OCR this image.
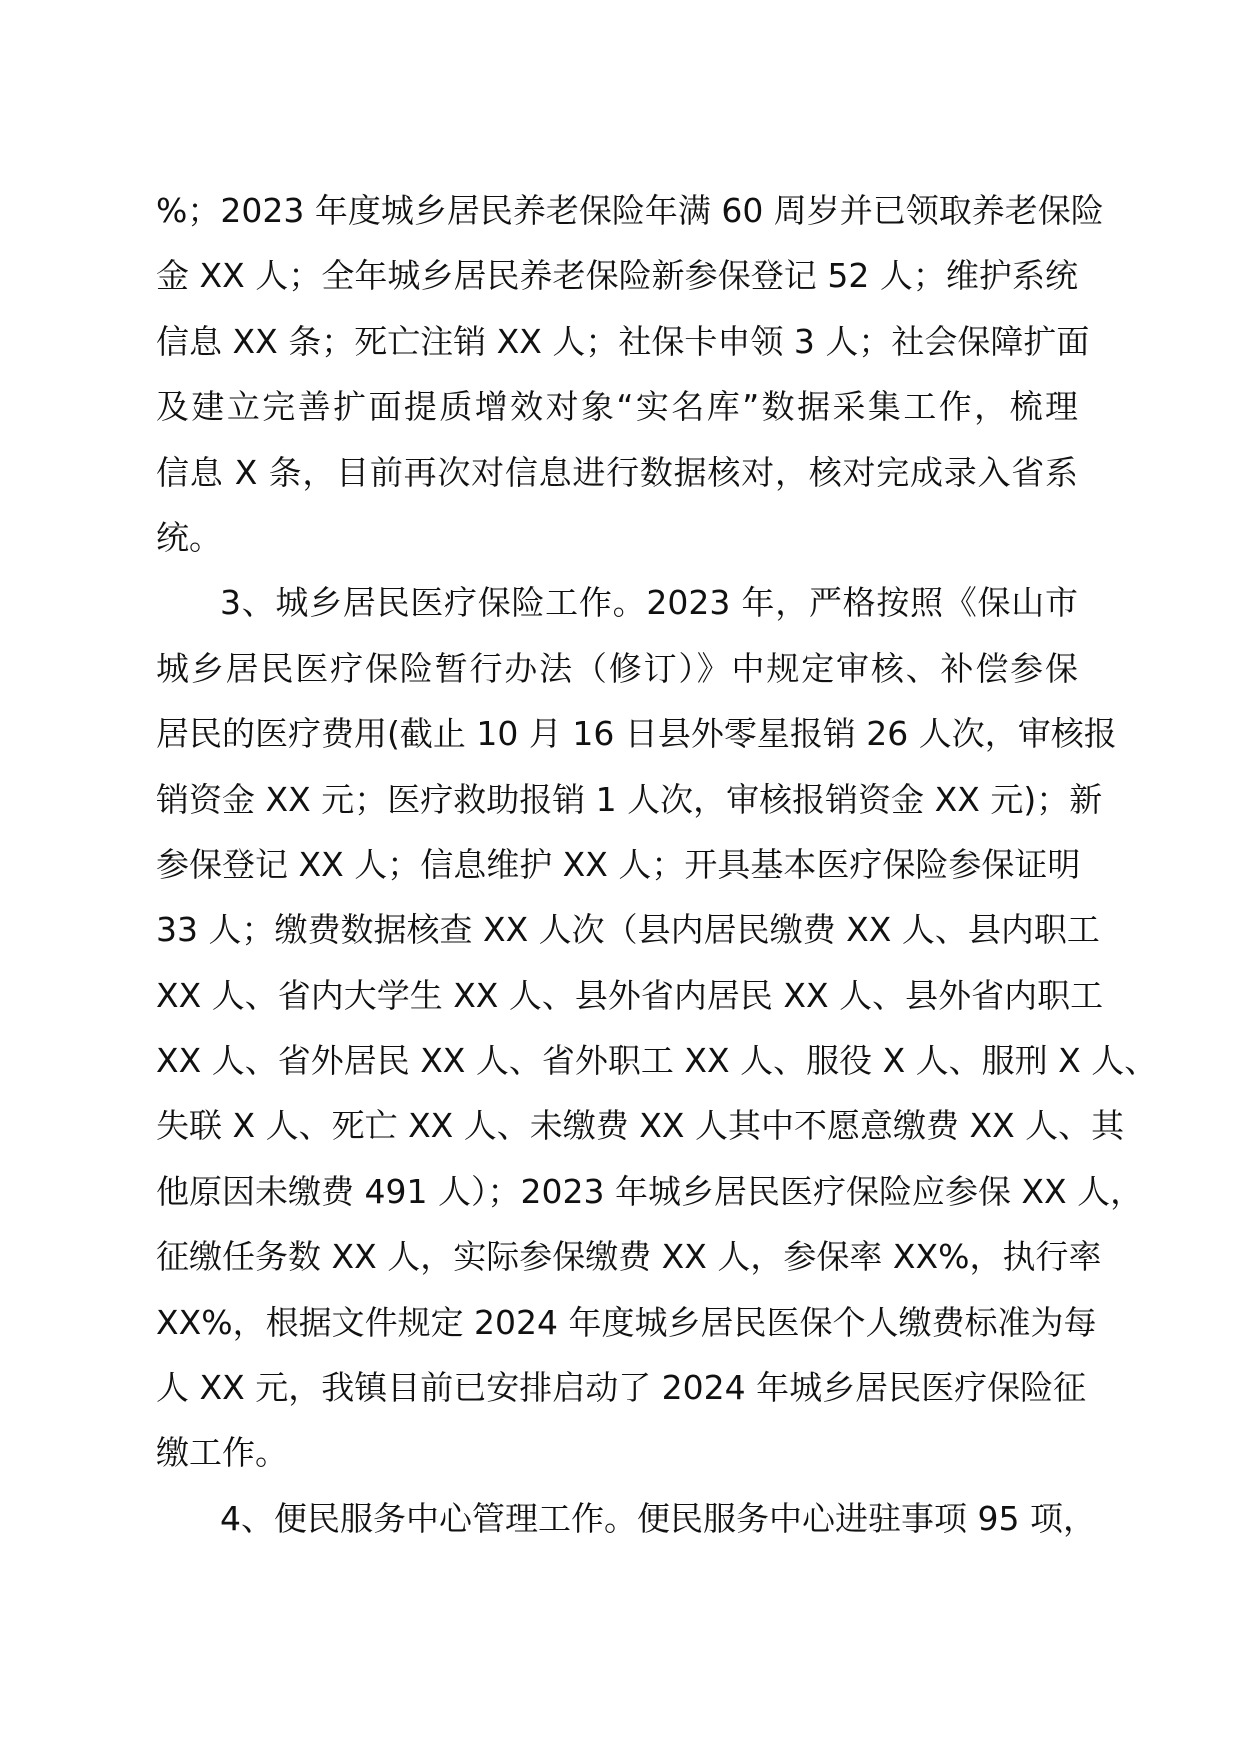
%；2023 年度城乡居民养老保险年满 60 周岁并已领取养老保险
金 XX 人；全年城乡居民养老保险新参保登记 52 人；维护系统
信息 XX 条；死亡注销 XX 人；社保卡申领 3 人；社会保障扩面
及建立完善扩面提质增效对象“实名库”数据采集工作，梳理
信息 X 条，目前再次对信息进行数据核对，核对完成录入省系
统。
3、城乡居民医疗保险工作。2023 年，严格按照《保山市
城乡居民医疗保险暂行办法（修订）》中规定审核、补偿参保
居民的医疗费用(截止 10 月 16 日县外零星报销 26 人次，审核报
销资金 XX 元；医疗救助报销 1 人次，审核报销资金 XX 元)；新
参保登记 XX 人；信息维护 XX 人；开具基本医疗保险参保证明
33 人；缴费数据核查 XX 人次（县内居民缴费 XX 人、县内职工
XX 人、省内大学生 XX 人、县外省内居民 XX 人、县外省内职工
XX 人、省外居民 XX 人、省外职工 XX 人、服役 X 人、服刑 X 人、
失联 X 人、死亡 XX 人、未缴费 XX 人其中不愿意缴费 XX 人、其
他原因未缴费 491 人）；2023 年城乡居民医疗保险应参保 XX 人，
征缴任务数 XX 人，实际参保缴费 XX 人，参保率 XX%，执行率
XX%，根据文件规定 2024 年度城乡居民医保个人缴费标准为每
人 XX 元，我镇目前已安排启动了 2024 年城乡居民医疗保险征
缴工作。
4、便民服务中心管理工作。便民服务中心进驻事项 95 项，
